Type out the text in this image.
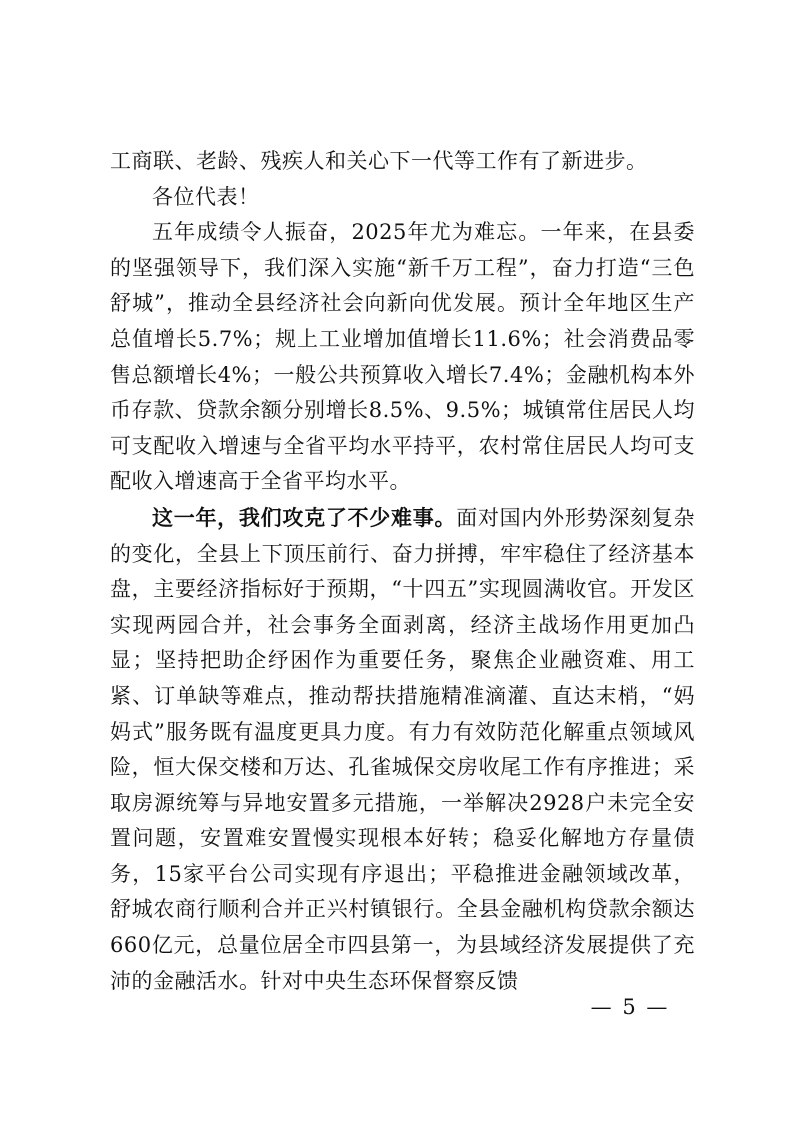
工商联、老龄、残疾人和关心下一代等工作有了新进步。

各位代表！

五年成绩令人振奋，2025年尤为难忘。一年来，在县委的坚强领导下，我们深入实施“新千万工程”，奋力打造“三色舒城”，推动全县经济社会向新向优发展。预计全年地区生产总值增长5.7%；规上工业增加值增长11.6%；社会消费品零售总额增长4%；一般公共预算收入增长7.4%；金融机构本外币存款、贷款余额分别增长8.5%、9.5%；城镇常住居民人均可支配收入增速与全省平均水平持平，农村常住居民人均可支配收入增速高于全省平均水平。

这一年，我们攻克了不少难事。面对国内外形势深刻复杂的变化，全县上下顶压前行、奋力拼搏，牢牢稳住了经济基本盘，主要经济指标好于预期，“十四五”实现圆满收官。开发区实现两园合并，社会事务全面剥离，经济主战场作用更加凸显；坚持把助企纾困作为重要任务，聚焦企业融资难、用工紧、订单缺等难点，推动帮扶措施精准滴灌、直达末梢，“妈妈式”服务既有温度更具力度。有力有效防范化解重点领域风险，恒大保交楼和万达、孔雀城保交房收尾工作有序推进；采取房源统筹与异地安置多元措施，一举解决2928户未完全安置问题，安置难安置慢实现根本好转；稳妥化解地方存量债务，15家平台公司实现有序退出；平稳推进金融领域改革，舒城农商行顺利合并正兴村镇银行。全县金融机构贷款余额达660亿元，总量位居全市四县第一，为县域经济发展提供了充沛的金融活水。针对中央生态环保督察反馈

— 5 —
